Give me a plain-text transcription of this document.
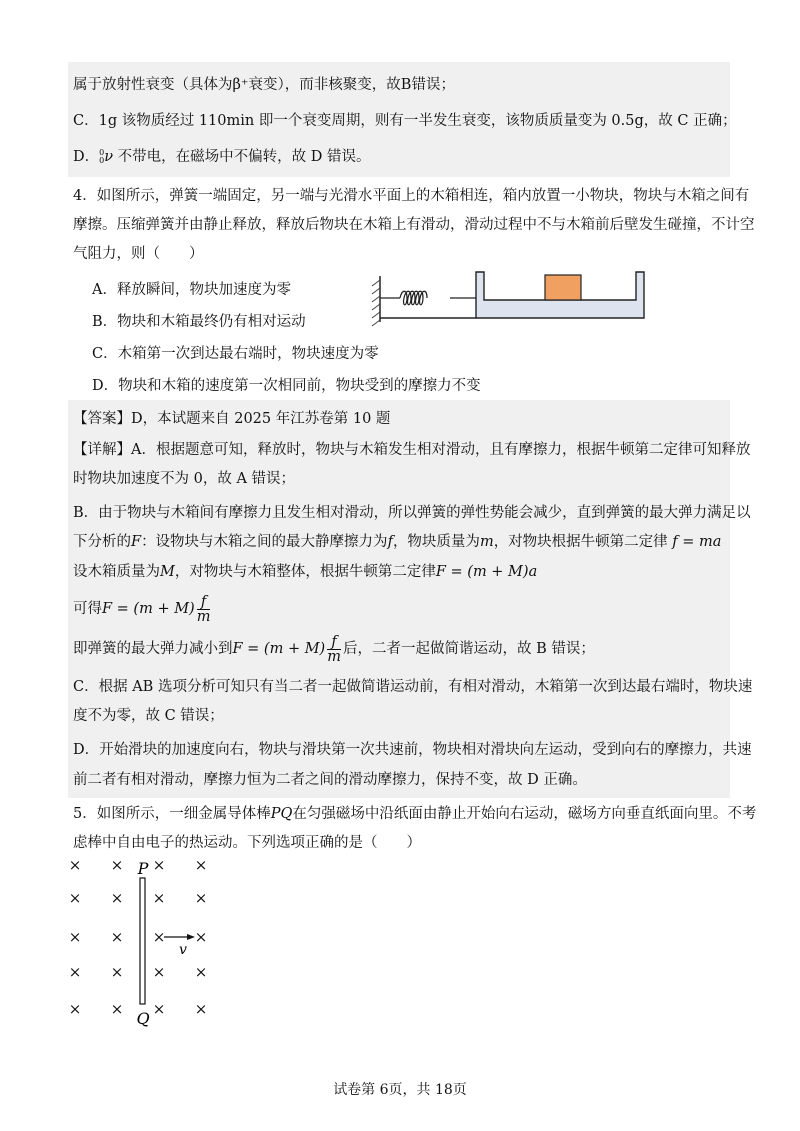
属于放射性衰变（具体为β⁺衰变），而非核聚变，故B错误；
C．1g 该物质经过 110min 即一个衰变周期，则有一半发生衰变，该物质质量变为 0.5g，故 C 正确；
D． 0
0 ν 不带电，在磁场中不偏转，故 D 错误。
4．如图所示，弹簧一端固定，另一端与光滑水平面上的木箱相连，箱内放置一小物块，物块与木箱之间有
摩擦。压缩弹簧并由静止释放，释放后物块在木箱上有滑动，滑动过程中不与木箱前后壁发生碰撞，不计空
气阻力，则（　　）
A．释放瞬间，物块加速度为零
B．物块和木箱最终仍有相对运动
C．木箱第一次到达最右端时，物块速度为零
D．物块和木箱的速度第一次相同前，物块受到的摩擦力不变
【答案】D，本试题来自 2025 年江苏卷第 10 题
【详解】A．根据题意可知，释放时，物块与木箱发生相对滑动，且有摩擦力，根据牛顿第二定律可知释放
时物块加速度不为 0，故 A 错误；
B．由于物块与木箱间有摩擦力且发生相对滑动，所以弹簧的弹性势能会减少，直到弹簧的最大弹力满足以
下分析的F：设物块与木箱之间的最大静摩擦力为f，物块质量为m，对物块根据牛顿第二定律 f = ma
设木箱质量为M，对物块与木箱整体，根据牛顿第二定律F = (m + M)a
可得$F = (m + M) \frac{f}{m}$
即弹簧的最大弹力减小到$F = (m + M) \frac{f}{m}$ 后，二者一起做简谐运动，故 B 错误；
C．根据 AB 选项分析可知只有当二者一起做简谐运动前，有相对滑动，木箱第一次到达最右端时，物块速
度不为零，故 C 错误；
D．开始滑块的加速度向右，物块与滑块第一次共速前，物块相对滑块向左运动，受到向右的摩擦力，共速
前二者有相对滑动，摩擦力恒为二者之间的滑动摩擦力，保持不变，故 D 正确。
5．如图所示，一细金属导体棒PQ在匀强磁场中沿纸面由静止开始向右运动，磁场方向垂直纸面向里。不考
虑棒中自由电子的热运动。下列选项正确的是（　　）
× × × ×
× × × ×
× × × ×
× × × ×
× × × ×
P
Q
v
试卷第 6页，共 18页
